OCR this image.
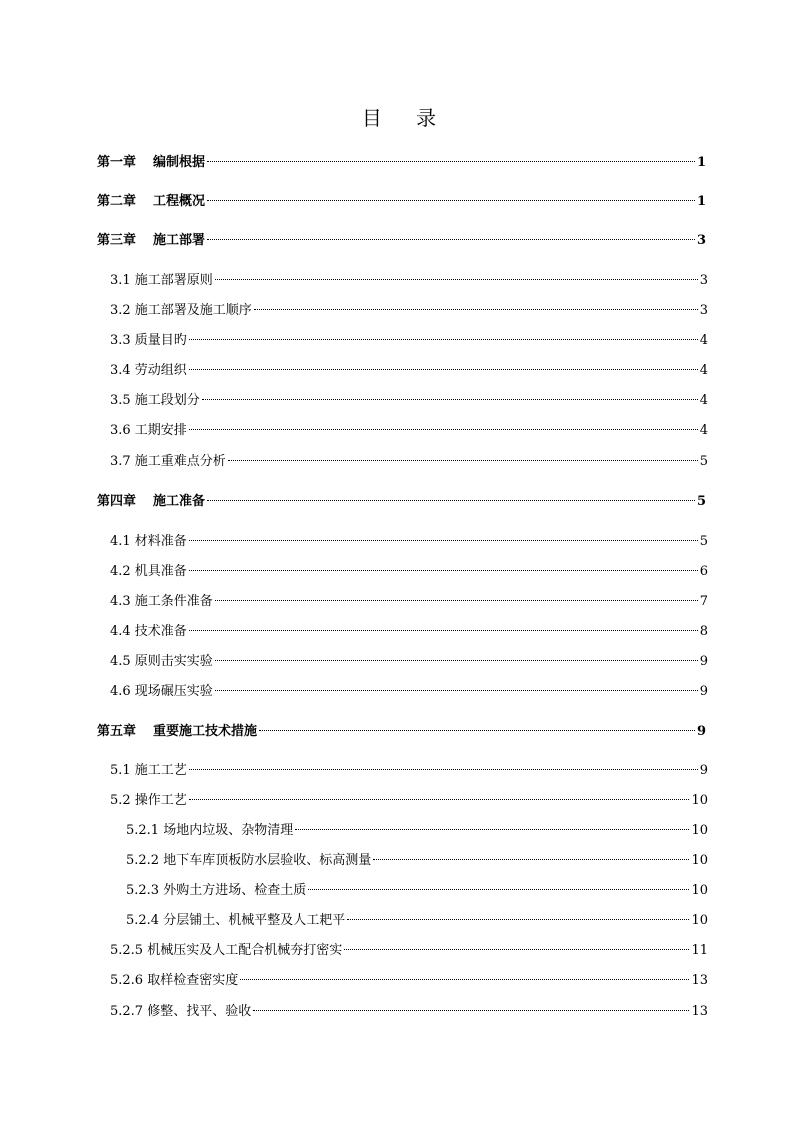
目 录
第一章 编制根据	1
第二章 工程概况	1
第三章 施工部署	3
3.1 施工部署原则	3
3.2 施工部署及施工顺序	3
3.3 质量目旳	4
3.4 劳动组织	4
3.5 施工段划分	4
3.6 工期安排	4
3.7 施工重难点分析	5
第四章 施工准备	5
4.1 材料准备	5
4.2 机具准备	6
4.3 施工条件准备	7
4.4 技术准备	8
4.5 原则击实实验	9
4.6 现场碾压实验	9
第五章 重要施工技术措施	9
5.1 施工工艺	9
5.2 操作工艺	10
5.2.1 场地内垃圾、杂物清理	10
5.2.2 地下车库顶板防水层验收、标高测量	10
5.2.3 外购土方进场、检查土质	10
5.2.4 分层铺土、机械平整及人工耙平	10
5.2.5 机械压实及人工配合机械夯打密实	11
5.2.6 取样检查密实度	13
5.2.7 修整、找平、验收	13
